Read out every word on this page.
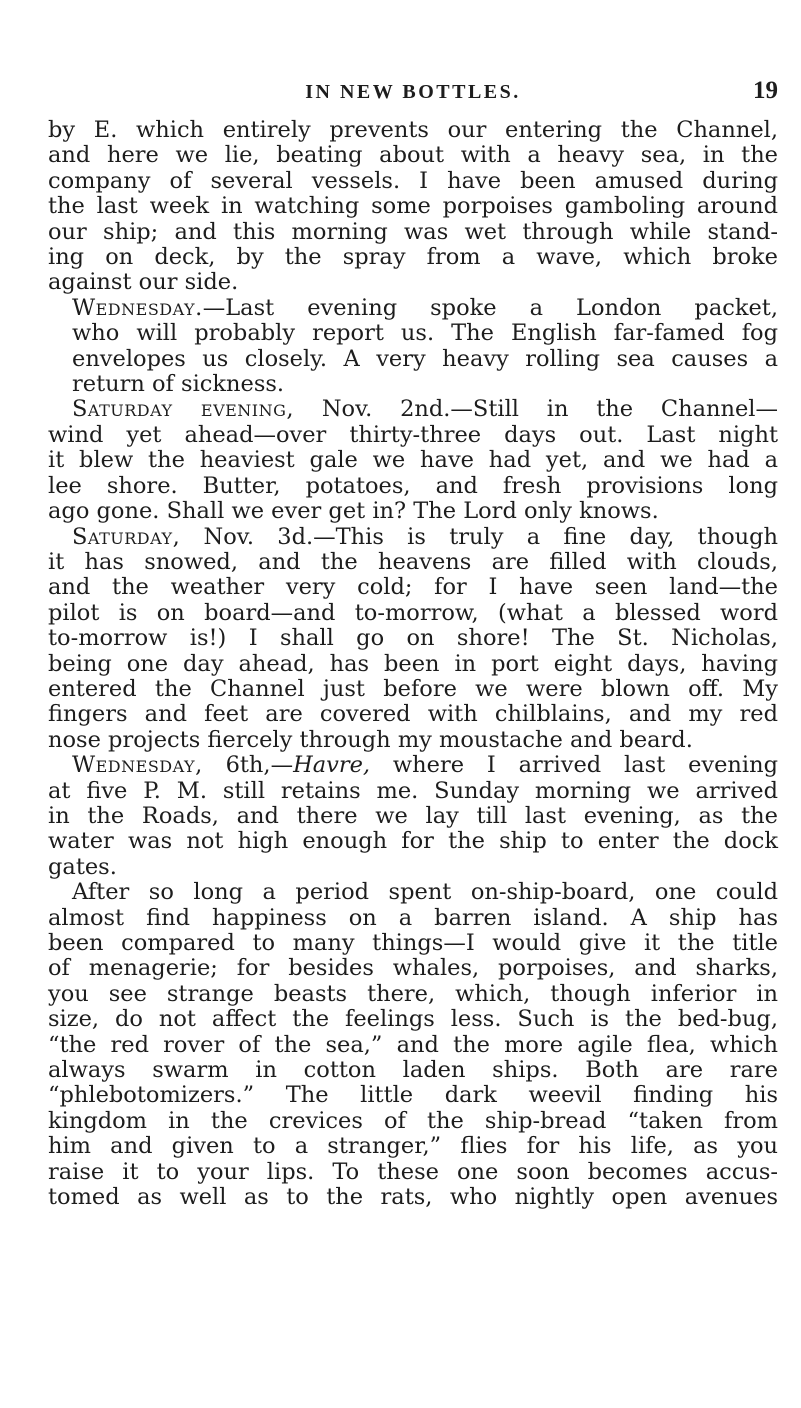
IN NEW BOTTLES.	19

by E. which entirely prevents our entering the Channel,
and here we lie, beating about with a heavy sea, in the
company of several vessels. I have been amused during
the last week in watching some porpoises gamboling around
our ship; and this morning was wet through while stand-
ing on deck, by the spray from a wave, which broke
against our side.

Wednesday.—Last evening spoke a London packet,
who will probably report us. The English far-famed fog
envelopes us closely. A very heavy rolling sea causes a
return of sickness.

Saturday evening, Nov. 2nd.—Still in the Channel—
wind yet ahead—over thirty-three days out. Last night
it blew the heaviest gale we have had yet, and we had a
lee shore. Butter, potatoes, and fresh provisions long
ago gone. Shall we ever get in? The Lord only knows.

Saturday, Nov. 3d.—This is truly a fine day, though
it has snowed, and the heavens are filled with clouds,
and the weather very cold; for I have seen land—the
pilot is on board—and to-morrow, (what a blessed word
to-morrow is!) I shall go on shore! The St. Nicholas,
being one day ahead, has been in port eight days, having
entered the Channel just before we were blown off. My
fingers and feet are covered with chilblains, and my red
nose projects fiercely through my moustache and beard.

Wednesday, 6th,—Havre, where I arrived last evening
at five P. M. still retains me. Sunday morning we arrived
in the Roads, and there we lay till last evening, as the
water was not high enough for the ship to enter the dock
gates.

After so long a period spent on-ship-board, one could
almost find happiness on a barren island. A ship has
been compared to many things—I would give it the title
of menagerie; for besides whales, porpoises, and sharks,
you see strange beasts there, which, though inferior in
size, do not affect the feelings less. Such is the bed-bug,
“the red rover of the sea,” and the more agile flea, which
always swarm in cotton laden ships. Both are rare
“phlebotomizers.” The little dark weevil finding his
kingdom in the crevices of the ship-bread “taken from
him and given to a stranger,” flies for his life, as you
raise it to your lips. To these one soon becomes accus-
tomed as well as to the rats, who nightly open avenues
